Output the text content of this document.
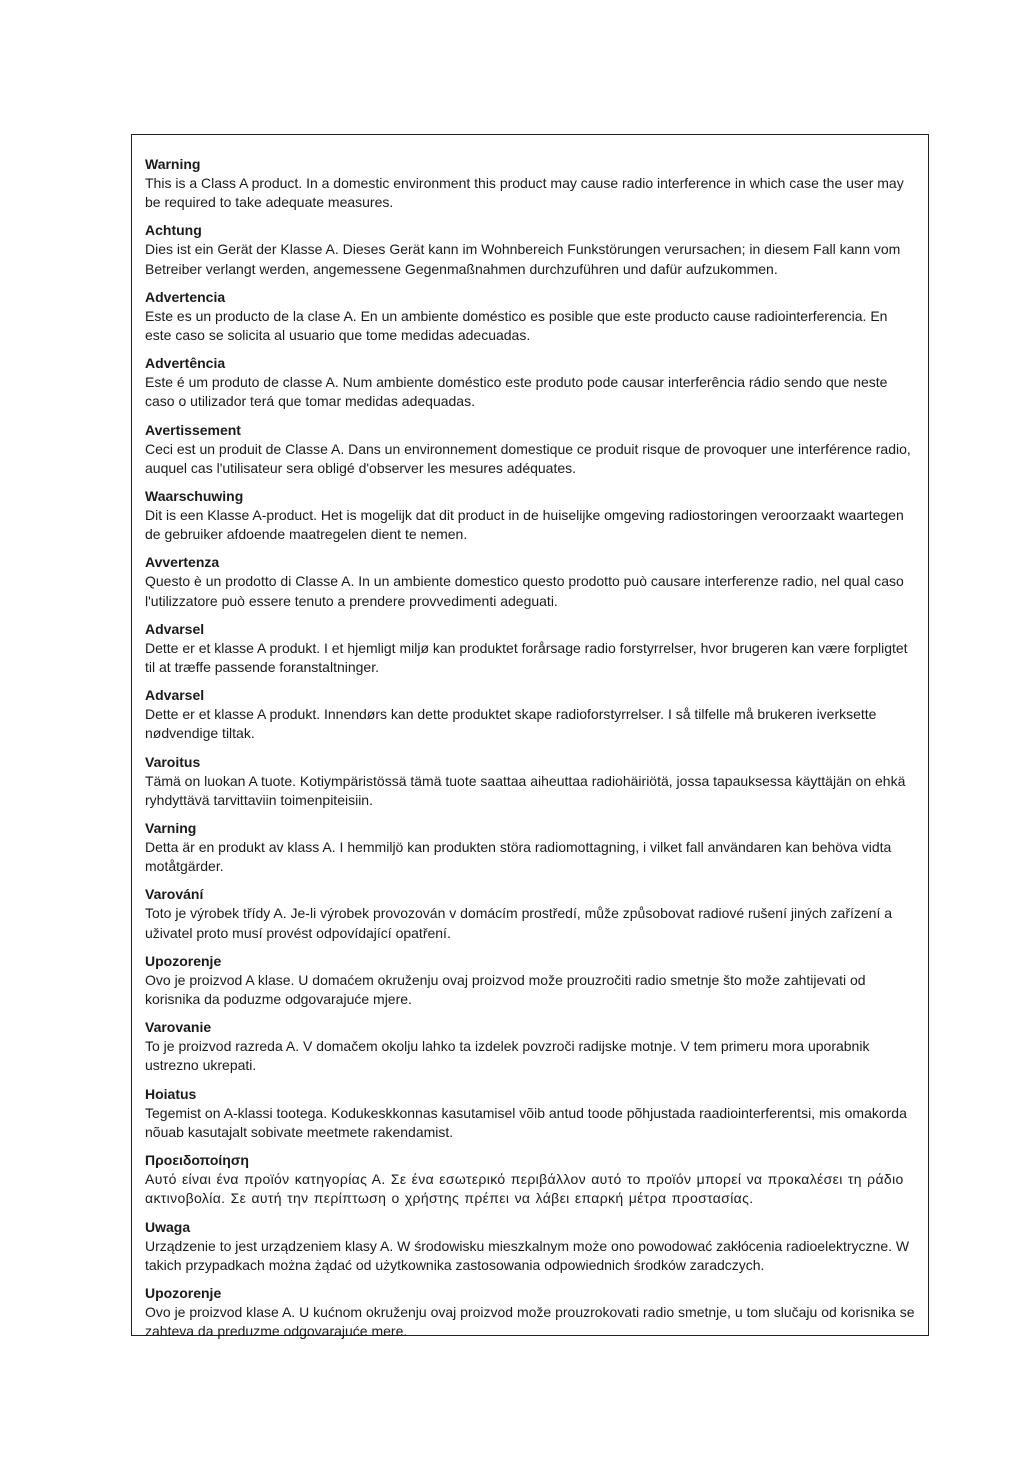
Warning

This is a Class A product. In a domestic environment this product may cause radio interference in which case the user may be required to take adequate measures.

Achtung

Dies ist ein Gerät der Klasse A. Dieses Gerät kann im Wohnbereich Funkstörungen verursachen; in diesem Fall kann vom Betreiber verlangt werden, angemessene Gegenmaßnahmen durchzuführen und dafür aufzukommen.

Advertencia

Este es un producto de la clase A. En un ambiente doméstico es posible que este producto cause radiointerferencia. En este caso se solicita al usuario que tome medidas adecuadas.

Advertência

Este é um produto de classe A. Num ambiente doméstico este produto pode causar interferência rádio sendo que neste caso o utilizador terá que tomar medidas adequadas.

Avertissement

Ceci est un produit de Classe A. Dans un environnement domestique ce produit risque de provoquer une interférence radio, auquel cas l'utilisateur sera obligé d'observer les mesures adéquates.

Waarschuwing

Dit is een Klasse A-product. Het is mogelijk dat dit product in de huiselijke omgeving radiostoringen veroorzaakt waartegen de gebruiker afdoende maatregelen dient te nemen.

Avvertenza

Questo è un prodotto di Classe A. In un ambiente domestico questo prodotto può causare interferenze radio, nel qual caso l'utilizzatore può essere tenuto a prendere provvedimenti adeguati.

Advarsel

Dette er et klasse A produkt. I et hjemligt miljø kan produktet forårsage radio forstyrrelser, hvor brugeren kan være forpligtet til at træffe passende foranstaltninger.

Advarsel

Dette er et klasse A produkt. Innendørs kan dette produktet skape radioforstyrrelser. I så tilfelle må brukeren iverksette nødvendige tiltak.

Varoitus

Tämä on luokan A tuote. Kotiympäristössä tämä tuote saattaa aiheuttaa radiohäiriötä, jossa tapauksessa käyttäjän on ehkä ryhdyttävä tarvittaviin toimenpiteisiin.

Varning

Detta är en produkt av klass A. I hemmiljö kan produkten störa radiomottagning, i vilket fall användaren kan behöva vidta motåtgärder.

Varování

Toto je výrobek třídy A. Je-li výrobek provozován v domácím prostředí, může způsobovat radiové rušení jiných zařízení a uživatel proto musí provést odpovídající opatření.

Upozorenje

Ovo je proizvod A klase. U domaćem okruženju ovaj proizvod može prouzročiti radio smetnje što može zahtijevati od korisnika da poduzme odgovarajuće mjere.

Varovanie

To je proizvod razreda A. V domačem okolju lahko ta izdelek povzroči radijske motnje. V tem primeru mora uporabnik ustrezno ukrepati.

Hoiatus

Tegemist on A-klassi tootega. Kodukeskkonnas kasutamisel võib antud toode põhjustada raadiointerferentsi, mis omakorda nõuab kasutajalt sobivate meetmete rakendamist.

Προειδοποίηση

Αυτό είναι ένα προϊόν κατηγορίας Α. Σε ένα εσωτερικό περιβάλλον αυτό το προϊόν μπορεί να προκαλέσει τη ράδιο ακτινοβολία. Σε αυτή την περίπτωση ο χρήστης πρέπει να λάβει επαρκή μέτρα προστασίας.

Uwaga

Urządzenie to jest urządzeniem klasy A. W środowisku mieszkalnym może ono powodować zakłócenia radioelektryczne. W takich przypadkach można żądać od użytkownika zastosowania odpowiednich środków zaradczych.

Upozorenje

Ovo je proizvod klase A. U kućnom okruženju ovaj proizvod može prouzrokovati radio smetnje, u tom slučaju od korisnika se zahteva da preduzme odgovarajuće mere.
